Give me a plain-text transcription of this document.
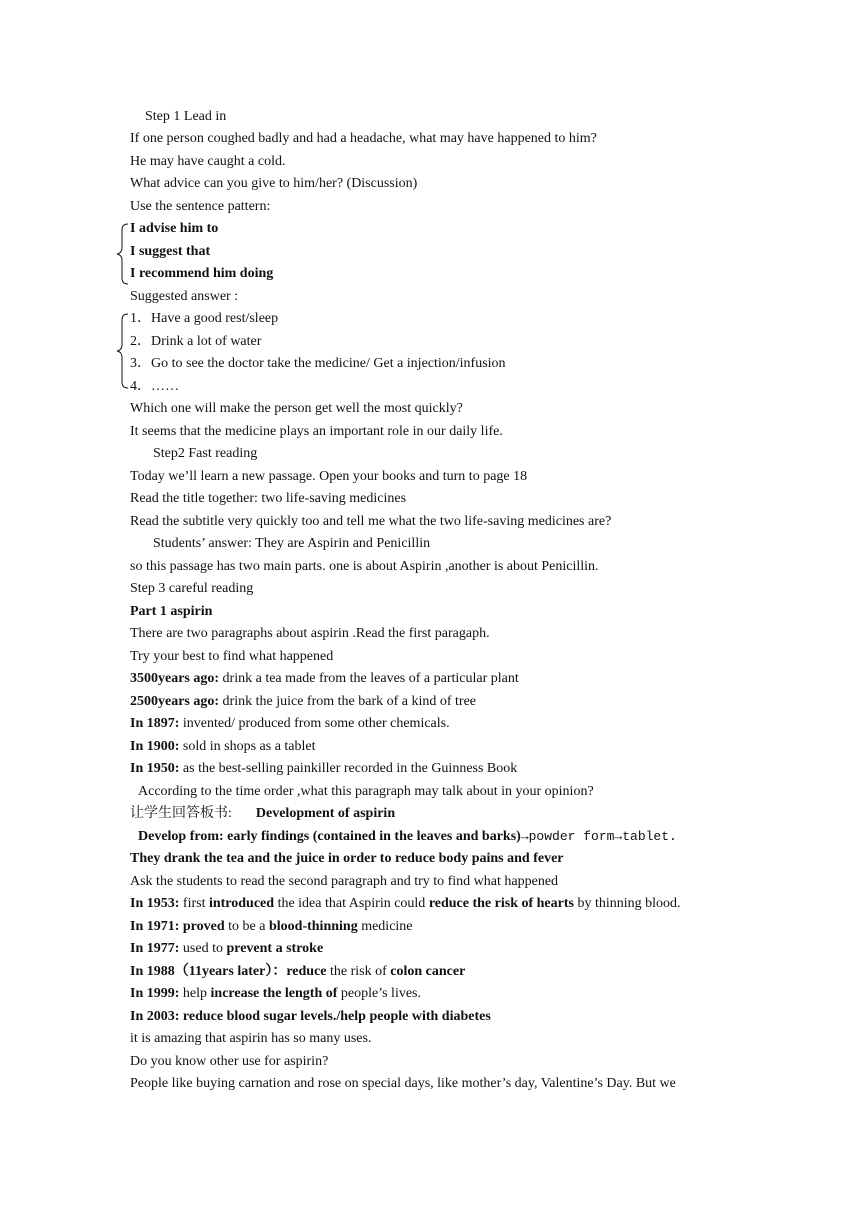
Step 1 Lead in
If one person coughed badly and had a headache, what may have happened to him?
He may have caught a cold.
What advice can you give to him/her? (Discussion)
Use the sentence pattern:
I advise him to
I suggest that
I recommend him doing
Suggested answer :
1．Have a good rest/sleep
2．Drink a lot of water
3．Go to see the doctor take the medicine/ Get a injection/infusion
4．……
Which one will make the person get well the most quickly?
It seems that the medicine plays an important role in our daily life.
Step2 Fast reading
Today we’ll learn a new passage. Open your books and turn to page 18
Read the title together: two life-saving medicines
Read the subtitle very quickly too and tell me what the two life-saving medicines are?
Students’ answer: They are Aspirin and Penicillin
so this passage has two main parts. one is about Aspirin ,another is about Penicillin.
Step 3 careful reading
Part 1 aspirin
There are two paragraphs about aspirin .Read the first paragaph.
Try your best to find what happened
3500years ago: drink a tea made from the leaves of a particular plant
2500years ago: drink the juice from the bark of a kind of tree
In 1897: invented/ produced from some other chemicals.
In 1900: sold in shops as a tablet
In 1950: as the best-selling painkiller recorded in the Guinness Book
According to the time order ,what this paragraph may talk about in your opinion?
让学生回答板书: Development of aspirin
Develop from: early findings (contained in the leaves and barks)→powder form→tablet.
They drank the tea and the juice in order to reduce body pains and fever
Ask the students to read the second paragraph and try to find what happened
In 1953: first introduced the idea that Aspirin could reduce the risk of hearts by thinning blood.
In 1971: proved to be a blood-thinning medicine
In 1977: used to prevent a stroke
In 1988（11years later）：reduce the risk of colon cancer
In 1999: help increase the length of people’s lives.
In 2003: reduce blood sugar levels./help people with diabetes
it is amazing that aspirin has so many uses.
Do you know other use for aspirin?
People like buying carnation and rose on special days, like mother’s day, Valentine’s Day. But we
